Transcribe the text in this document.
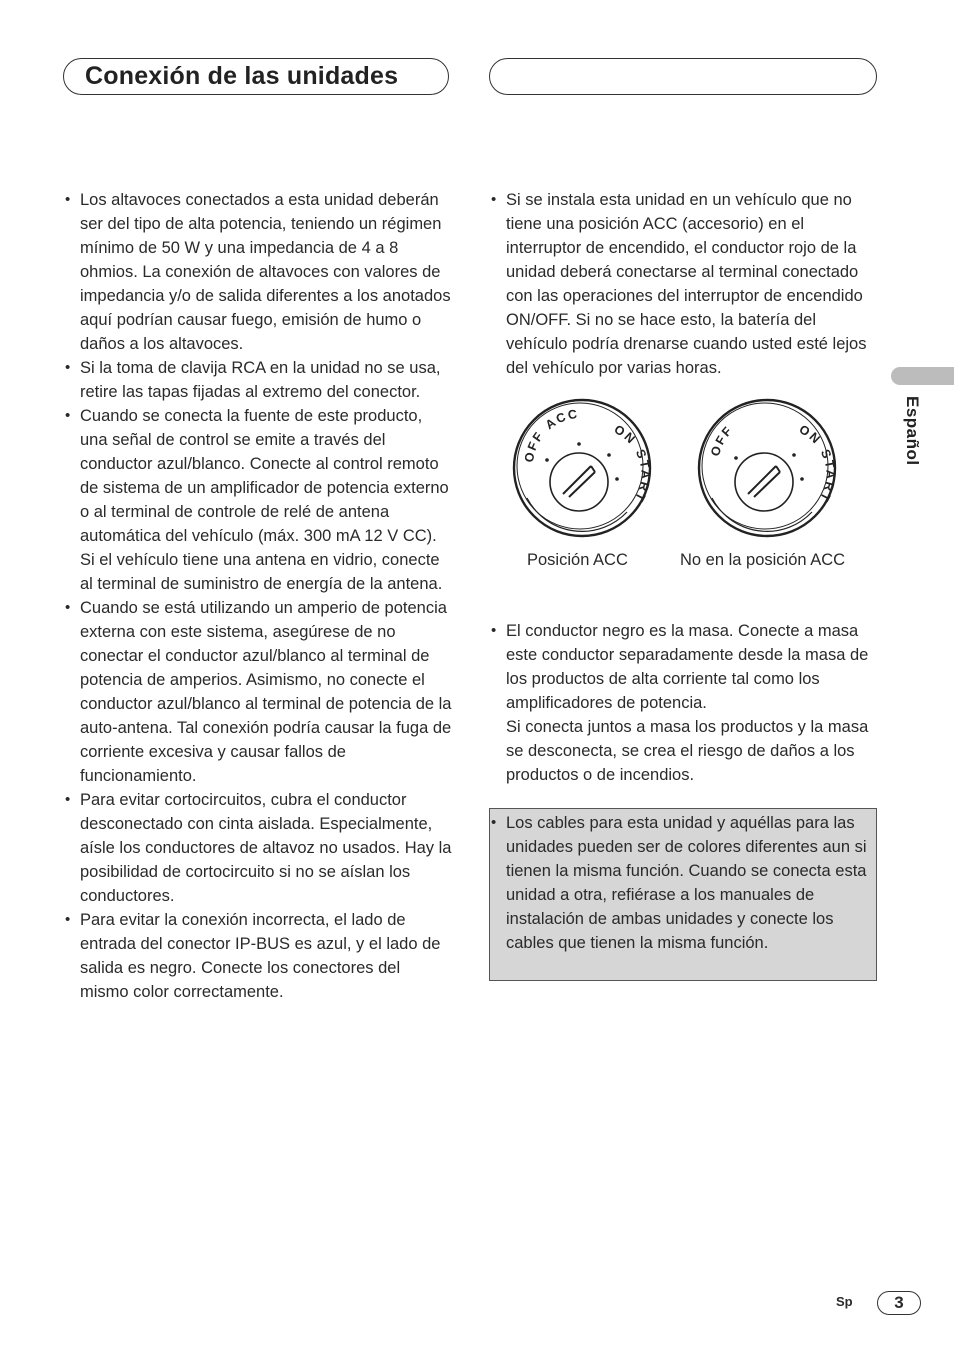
Conexión de las unidades
• Los altavoces conectados a esta unidad deberán ser del tipo de alta potencia, teniendo un régimen mínimo de 50 W y una impedancia de 4 a 8 ohmios. La conexión de altavoces con valores de impedancia y/o de salida diferentes a los anotados aquí podrían causar fuego, emisión de humo o daños a los altavoces.
• Si la toma de clavija RCA en la unidad no se usa, retire las tapas fijadas al extremo del conector.
• Cuando se conecta la fuente de este producto, una señal de control se emite a través del conductor azul/blanco. Conecte al control remoto de sistema de un amplificador de potencia externo o al terminal de controle de relé de antena automática del vehículo (máx. 300 mA 12 V CC). Si el vehículo tiene una antena en vidrio, conecte al terminal de suministro de energía de la antena.
• Cuando se está utilizando un amperio de potencia externa con este sistema, asegúrese de no conectar el conductor azul/blanco al terminal de potencia de amperios. Asimismo, no conecte el conductor azul/blanco al terminal de potencia de la auto-antena. Tal conexión podría causar la fuga de corriente excesiva y causar fallos de funcionamiento.
• Para evitar cortocircuitos, cubra el conductor desconectado con cinta aislada. Especialmente, aísle los conductores de altavoz no usados. Hay la posibilidad de cortocircuito si no se aíslan los conductores.
• Para evitar la conexión incorrecta, el lado de entrada del conector IP-BUS es azul, y el lado de salida es negro. Conecte los conectores del mismo color correctamente.
• Si se instala esta unidad en un vehículo que no tiene una posición ACC (accesorio) en el interruptor de encendido, el conductor rojo de la unidad deberá conectarse al terminal conectado con las operaciones del interruptor de encendido ON/OFF. Si no se hace esto, la batería del vehículo podría drenarse cuando usted esté lejos del vehículo por varias horas.
OFF
ACC
ON
START
OFF	ON
START
Posición ACC	No en la posición ACC
• El conductor negro es la masa. Conecte a masa este conductor separadamente desde la masa de los productos de alta corriente tal como los amplificadores de potencia.
Si conecta juntos a masa los productos y la masa se desconecta, se crea el riesgo de daños a los productos o de incendios.
• Los cables para esta unidad y aquéllas para las unidades pueden ser de colores diferentes aun si tienen la misma función. Cuando se conecta esta unidad a otra, refiérase a los manuales de instalación de ambas unidades y conecte los cables que tienen la misma función.
Español
Sp	3
